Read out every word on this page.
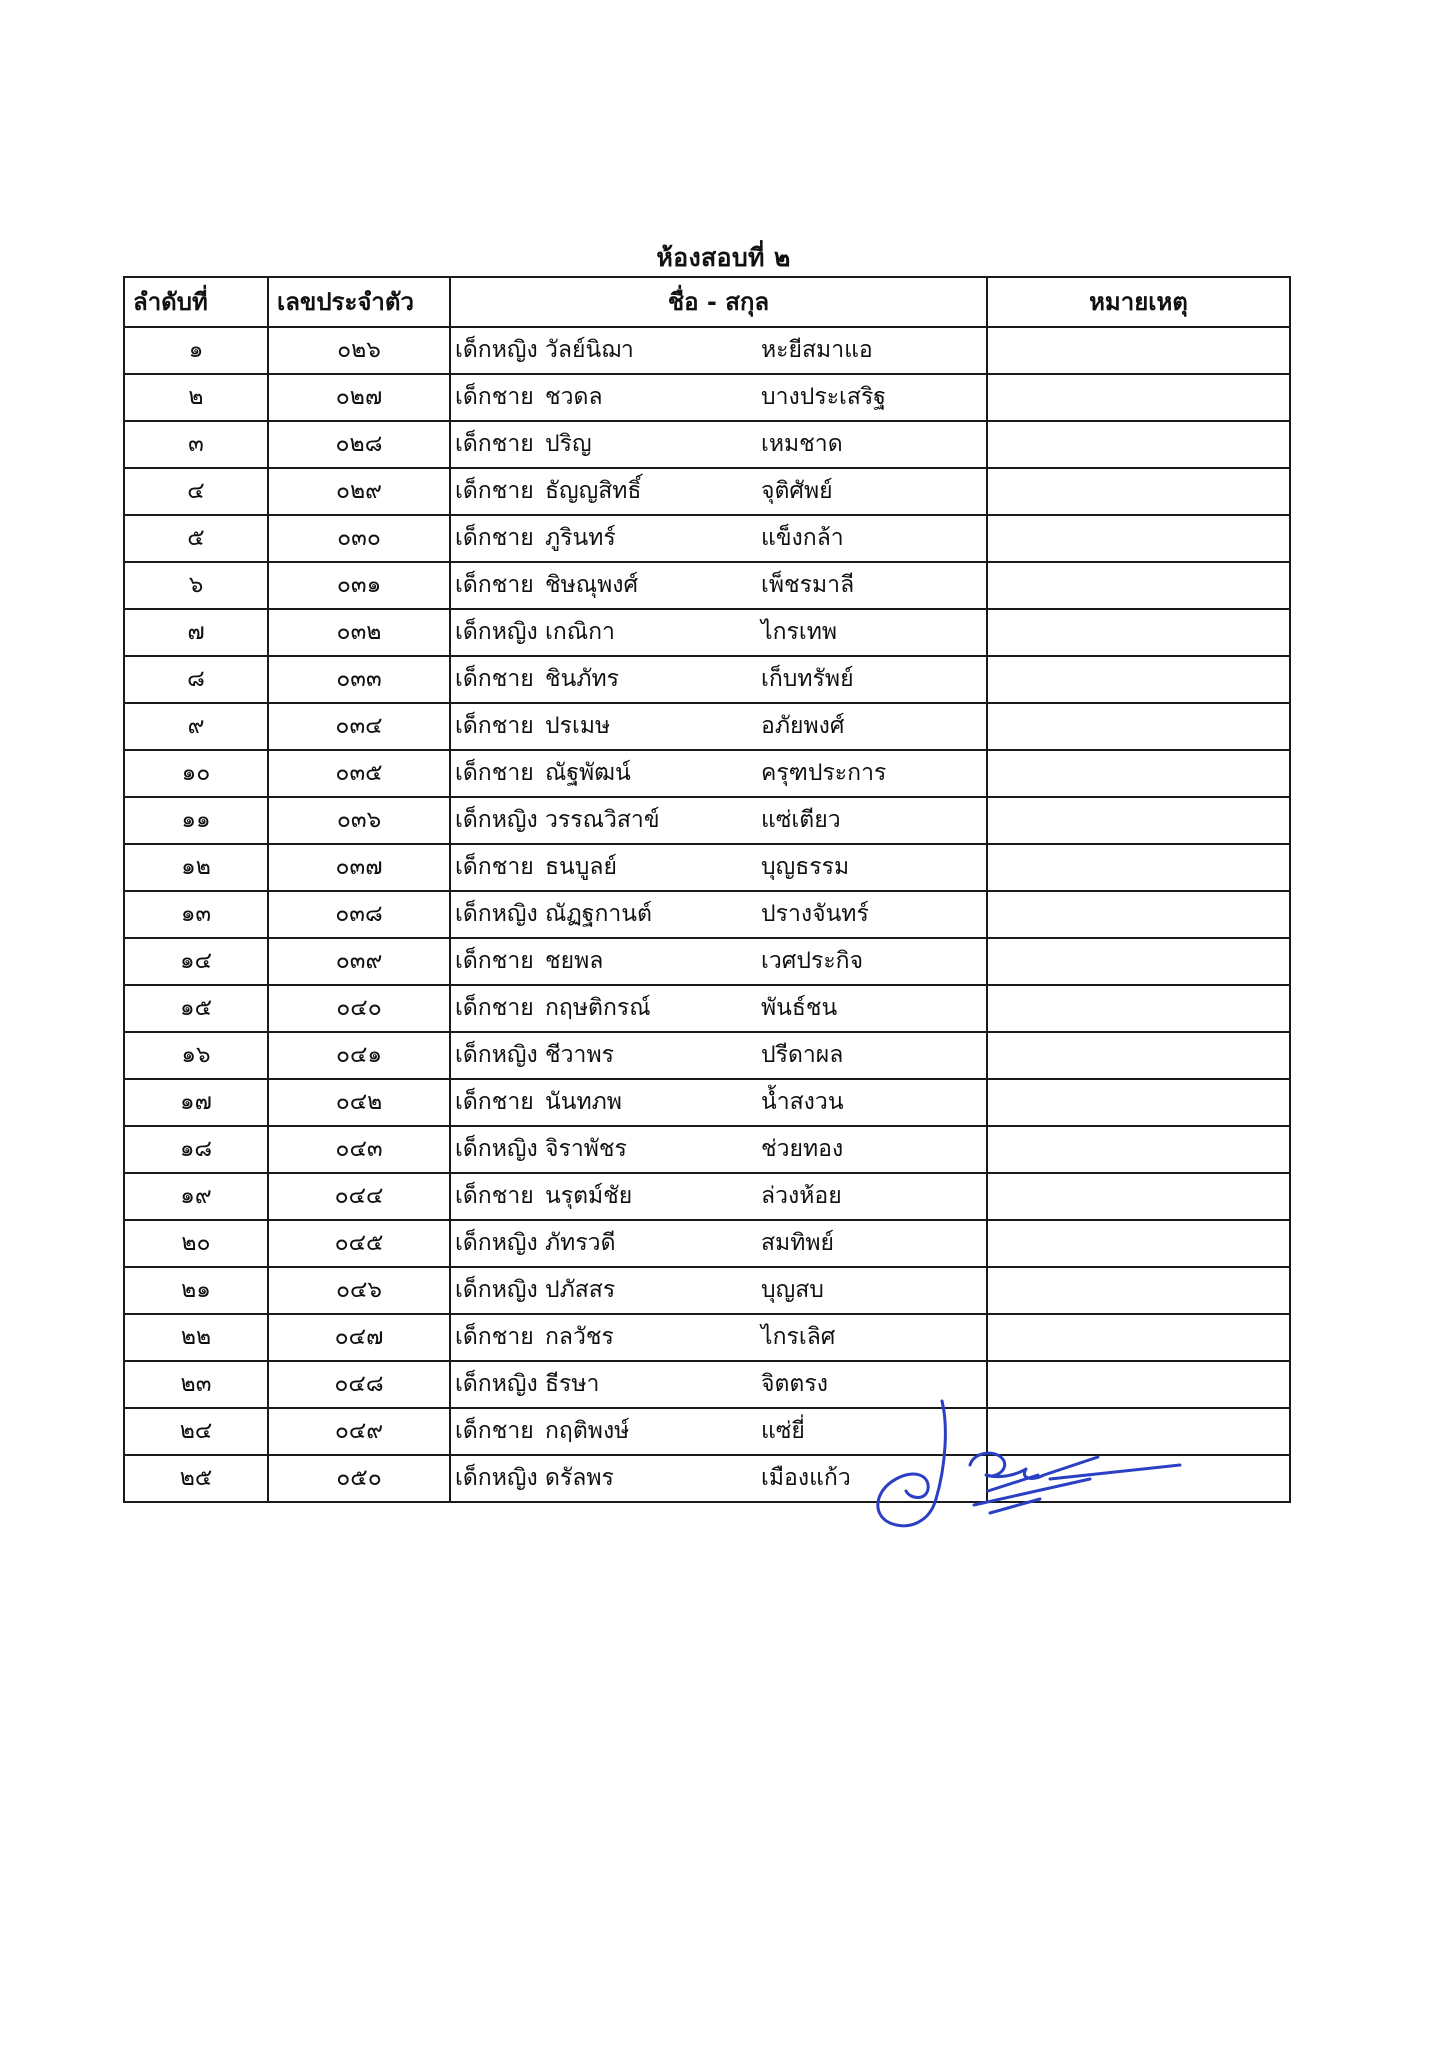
ห้องสอบที่ ๒
ลำดับที่	เลขประจำตัว	ชื่อ - สกุล	หมายเหตุ
๑	๐๒๖	เด็กหญิง วัลย์นิฌา หะยีสมาแอ	
๒	๐๒๗	เด็กชาย ชวดล บางประเสริฐ	
๓	๐๒๘	เด็กชาย ปริญ เหมชาด	
๔	๐๒๙	เด็กชาย ธัญญสิทธิ์ จุติศัพย์	
๕	๐๓๐	เด็กชาย ภูรินทร์ แข็งกล้า	
๖	๐๓๑	เด็กชาย ชิษณุพงศ์ เพ็ชรมาลี	
๗	๐๓๒	เด็กหญิง เกณิกา ไกรเทพ	
๘	๐๓๓	เด็กชาย ชินภัทร เก็บทรัพย์	
๙	๐๓๔	เด็กชาย ปรเมษ อภัยพงศ์	
๑๐	๐๓๕	เด็กชาย ณัฐพัฒน์ ครุฑประการ	
๑๑	๐๓๖	เด็กหญิง วรรณวิสาข์ แซ่เตียว	
๑๒	๐๓๗	เด็กชาย ธนบูลย์ บุญธรรม	
๑๓	๐๓๘	เด็กหญิง ณัฏฐกานต์ ปรางจันทร์	
๑๔	๐๓๙	เด็กชาย ชยพล เวศประกิจ	
๑๕	๐๔๐	เด็กชาย กฤษติกรณ์ พันธ์ชน	
๑๖	๐๔๑	เด็กหญิง ชีวาพร ปรีดาผล	
๑๗	๐๔๒	เด็กชาย นันทภพ น้ำสงวน	
๑๘	๐๔๓	เด็กหญิง จิราพัชร ช่วยทอง	
๑๙	๐๔๔	เด็กชาย นรุตม์ชัย ล่วงห้อย	
๒๐	๐๔๕	เด็กหญิง ภัทรวดี สมทิพย์	
๒๑	๐๔๖	เด็กหญิง ปภัสสร บุญสบ	
๒๒	๐๔๗	เด็กชาย กลวัชร ไกรเลิศ	
๒๓	๐๔๘	เด็กหญิง ธีรษา จิตตรง	
๒๔	๐๔๙	เด็กชาย กฤติพงษ์ แซ่ยี่	
๒๕	๐๕๐	เด็กหญิง ดรัลพร เมืองแก้ว	
